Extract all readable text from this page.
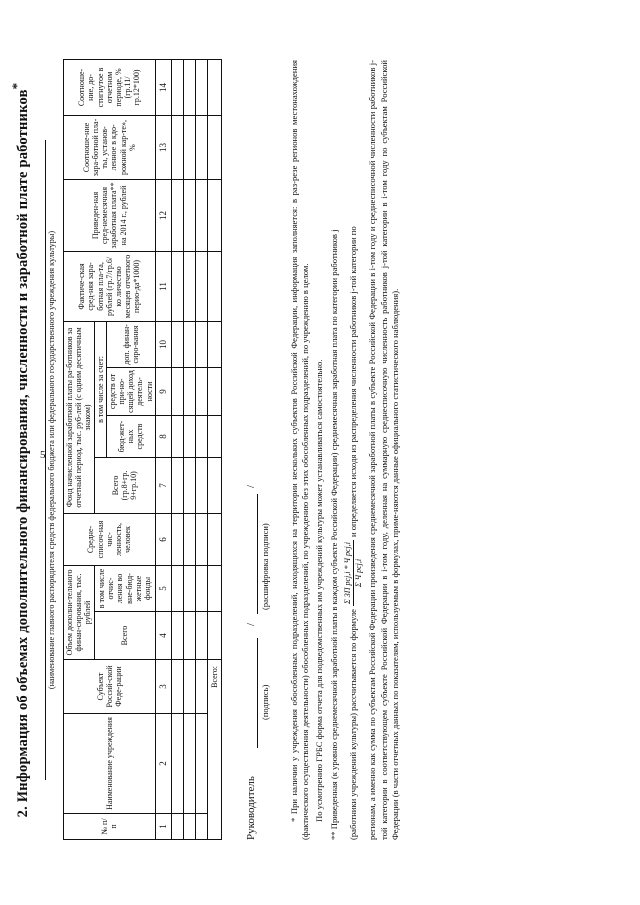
5
2. Информация об объемах дополнительного финансирования, численности и заработной плате работников*
(наименование главного распорядителя средств федерального бюджета или федерального государственного учреждения культуры)
№ п/ п	Наименование учреждения	Субъект Россий-ской Феде-рации	Объем дополни-тельного финан-сирования, тыс. рублей		Средне-списоч-ная чис-ленность, человек	Фонд начисленной заработной платы ра-ботников за отчетный период, тыс. руб-лей (с одним десятичным знаком)				Фактиче-ская сред-няя зара-ботная пла-та, рублей (гр.7/гр.6/ко личество месяцев отчетного перио-да*1000)	Приведен-ная сред-немесячная заработная плата** на 2014 г., рублей	Соотноше-ние зара-ботной пла-ты, установ-ленное в кдо-рожной кар-те», %	Соотноше-ние, до-стигнутое в отчетном периоде, % (гр.11/ гр.12*100)
			Всего	в том числе отчис-ления во вне-бюд-жетные фонды		Всего (гр.8+гр. 9+гр.10)	в том числе за счет:						
							бюд-жет-ных средств	средств от при-но-сящей доход деятель-ности	доп. финан-сиро-вания				
1	2	3	4	5	6	7	8	9	10	11	12	13	14

Всего:													
Руководитель
/
/
(подпись)
(расшифровка подписи)

* При наличии у учреждения обособленных подразделений, находящихся на территории нескольких субъектов Российской Федерации, информация заполняется: в раз-резе регионов местонахождения (фактического осуществления деятельности) обособленных подразделений, по учреждению без этих обособленных подразделений, по учреждению в целом. По усмотрению ГРБС форма отчета для подведомственных им учреждений культуры может устанавливаться самостоятельно.

** Приведенная (к уровню среднемесячной заработной платы в каждом субъекте Российской Федерации) среднемесячная заработная плата по категории работников j	(работники учреждений культуры) рассчитывается по формуле
Σ ЗП pcj,i * Ч pcj,i Σ Ч pcj,i
и определяется исходя из распределения численности работников j-той категории по	регионам, а именно как сумма по субъектам Российской Федерации произведения среднемесячной заработной платы в субъекте Российской Федерации в i-том году и среднесписочной численности работников j-той категории в соответствующем субъекте Российской Федерации в i-том году, деленная на суммарную среднесписочную численность работников j-той категории в i-том году по субъектам Российской Федерации (в части отчетных данных по показателям, используемым в формулах, приме-няются данные официального статистического наблюдения).
